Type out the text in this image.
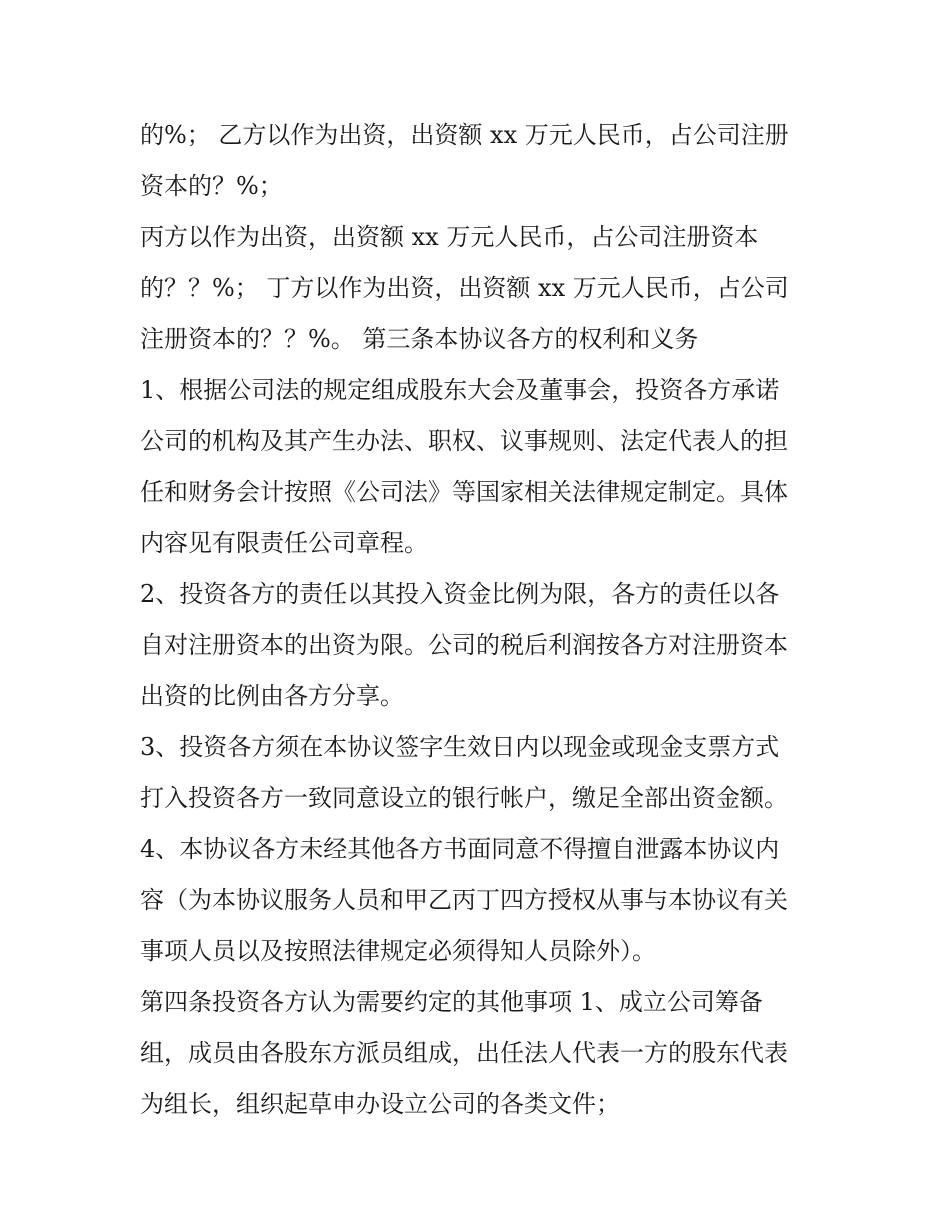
的%； 乙方以作为出资，出资额 xx 万元人民币，占公司注册
资本的？%；
丙方以作为出资，出资额 xx 万元人民币，占公司注册资本
的？？%； 丁方以作为出资，出资额 xx 万元人民币，占公司
注册资本的？？%。 第三条本协议各方的权利和义务
1、根据公司法的规定组成股东大会及董事会，投资各方承诺
公司的机构及其产生办法、职权、议事规则、法定代表人的担
任和财务会计按照《公司法》等国家相关法律规定制定。具体
内容见有限责任公司章程。
2、投资各方的责任以其投入资金比例为限，各方的责任以各
自对注册资本的出资为限。公司的税后利润按各方对注册资本
出资的比例由各方分享。
3、投资各方须在本协议签字生效日内以现金或现金支票方式
打入投资各方一致同意设立的银行帐户，缴足全部出资金额。
4、本协议各方未经其他各方书面同意不得擅自泄露本协议内
容（为本协议服务人员和甲乙丙丁四方授权从事与本协议有关
事项人员以及按照法律规定必须得知人员除外）。
第四条投资各方认为需要约定的其他事项 1、成立公司筹备
组，成员由各股东方派员组成，出任法人代表一方的股东代表
为组长，组织起草申办设立公司的各类文件；
